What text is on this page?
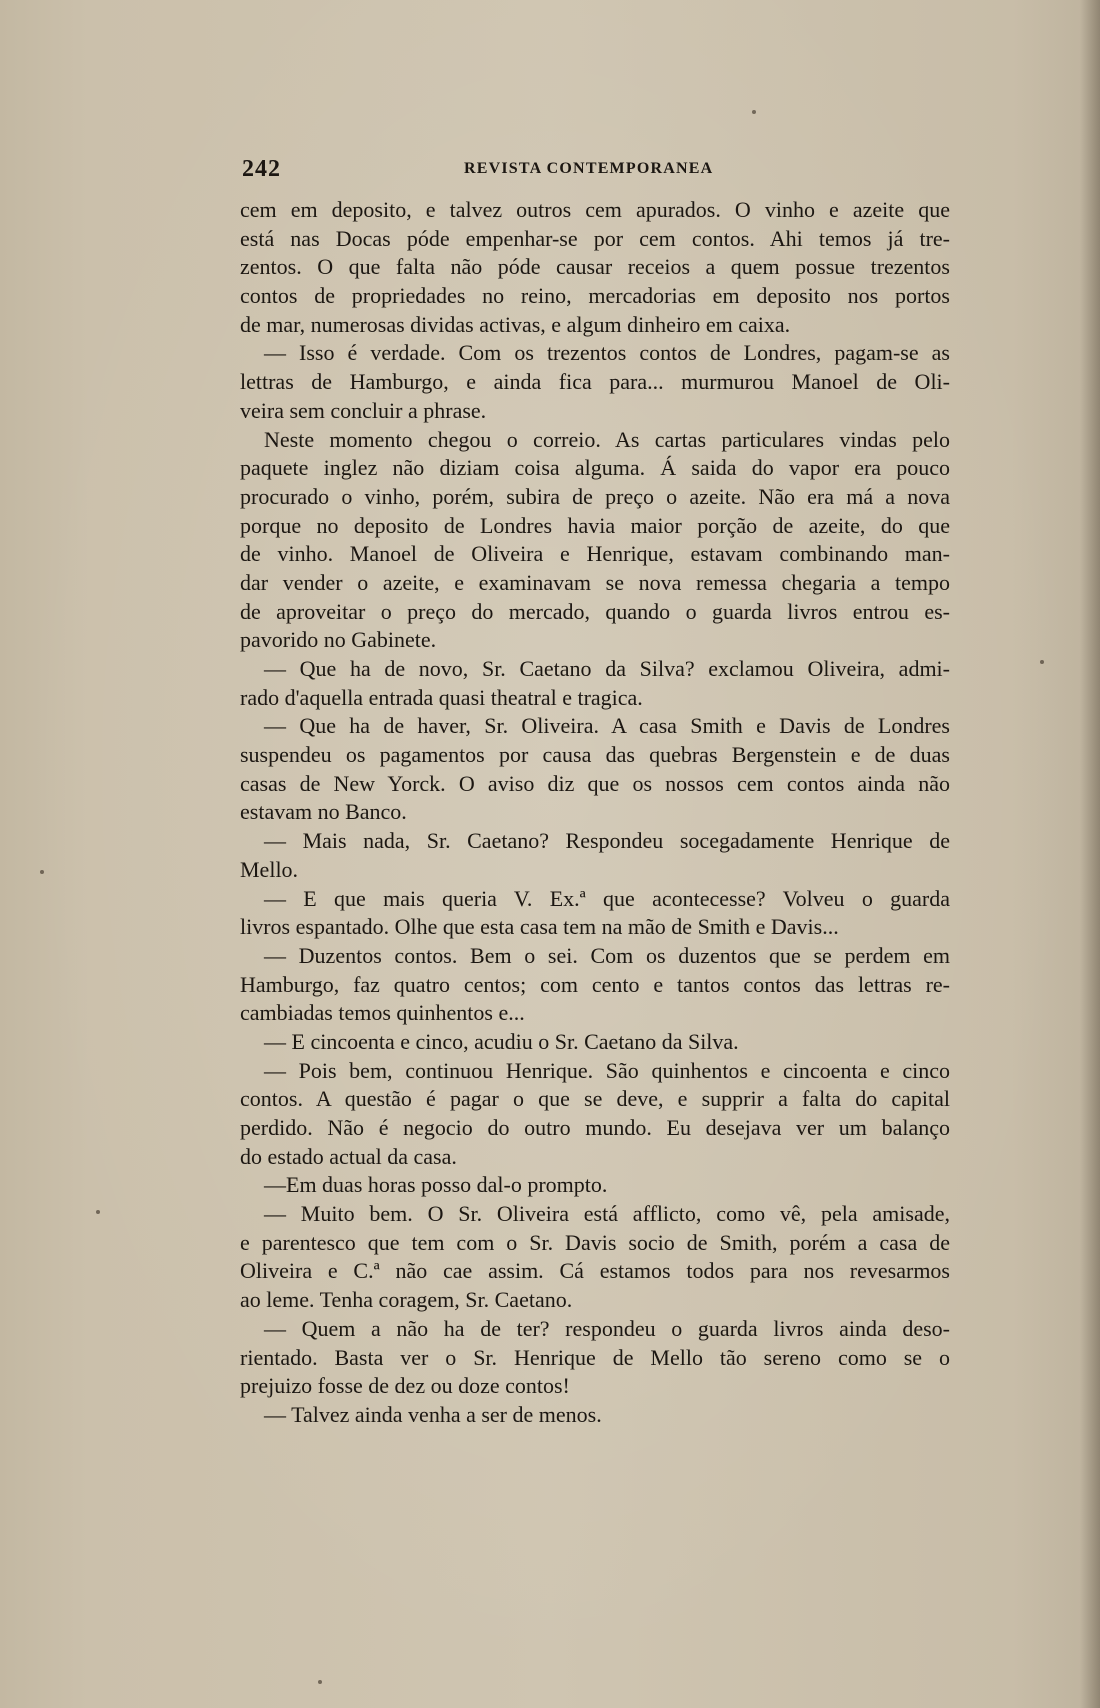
242	REVISTA CONTEMPORANEA
cem em deposito, e talvez outros cem apurados. O vinho e azeite que
está nas Docas póde empenhar-se por cem contos. Ahi temos já tre-
zentos. O que falta não póde causar receios a quem possue trezentos
contos de propriedades no reino, mercadorias em deposito nos portos
de mar, numerosas dividas activas, e algum dinheiro em caixa.
— Isso é verdade. Com os trezentos contos de Londres, pagam-se as
lettras de Hamburgo, e ainda fica para... murmurou Manoel de Oli-
veira sem concluir a phrase.
Neste momento chegou o correio. As cartas particulares vindas pelo
paquete inglez não diziam coisa alguma. Á saida do vapor era pouco
procurado o vinho, porém, subira de preço o azeite. Não era má a nova
porque no deposito de Londres havia maior porção de azeite, do que
de vinho. Manoel de Oliveira e Henrique, estavam combinando man-
dar vender o azeite, e examinavam se nova remessa chegaria a tempo
de aproveitar o preço do mercado, quando o guarda livros entrou es-
pavorido no Gabinete.
— Que ha de novo, Sr. Caetano da Silva? exclamou Oliveira, admi-
rado d'aquella entrada quasi theatral e tragica.
— Que ha de haver, Sr. Oliveira. A casa Smith e Davis de Londres
suspendeu os pagamentos por causa das quebras Bergenstein e de duas
casas de New Yorck. O aviso diz que os nossos cem contos ainda não
estavam no Banco.
— Mais nada, Sr. Caetano? Respondeu socegadamente Henrique de
Mello.
— E que mais queria V. Ex.ª que acontecesse? Volveu o guarda
livros espantado. Olhe que esta casa tem na mão de Smith e Davis...
— Duzentos contos. Bem o sei. Com os duzentos que se perdem em
Hamburgo, faz quatro centos; com cento e tantos contos das lettras re-
cambiadas temos quinhentos e...
— E cincoenta e cinco, acudiu o Sr. Caetano da Silva.
— Pois bem, continuou Henrique. São quinhentos e cincoenta e cinco
contos. A questão é pagar o que se deve, e supprir a falta do capital
perdido. Não é negocio do outro mundo. Eu desejava ver um balanço
do estado actual da casa.
—Em duas horas posso dal-o prompto.
— Muito bem. O Sr. Oliveira está afflicto, como vê, pela amisade,
e parentesco que tem com o Sr. Davis socio de Smith, porém a casa de
Oliveira e C.ª não cae assim. Cá estamos todos para nos revesarmos
ao leme. Tenha coragem, Sr. Caetano.
— Quem a não ha de ter? respondeu o guarda livros ainda deso-
rientado. Basta ver o Sr. Henrique de Mello tão sereno como se o
prejuizo fosse de dez ou doze contos!
— Talvez ainda venha a ser de menos.
